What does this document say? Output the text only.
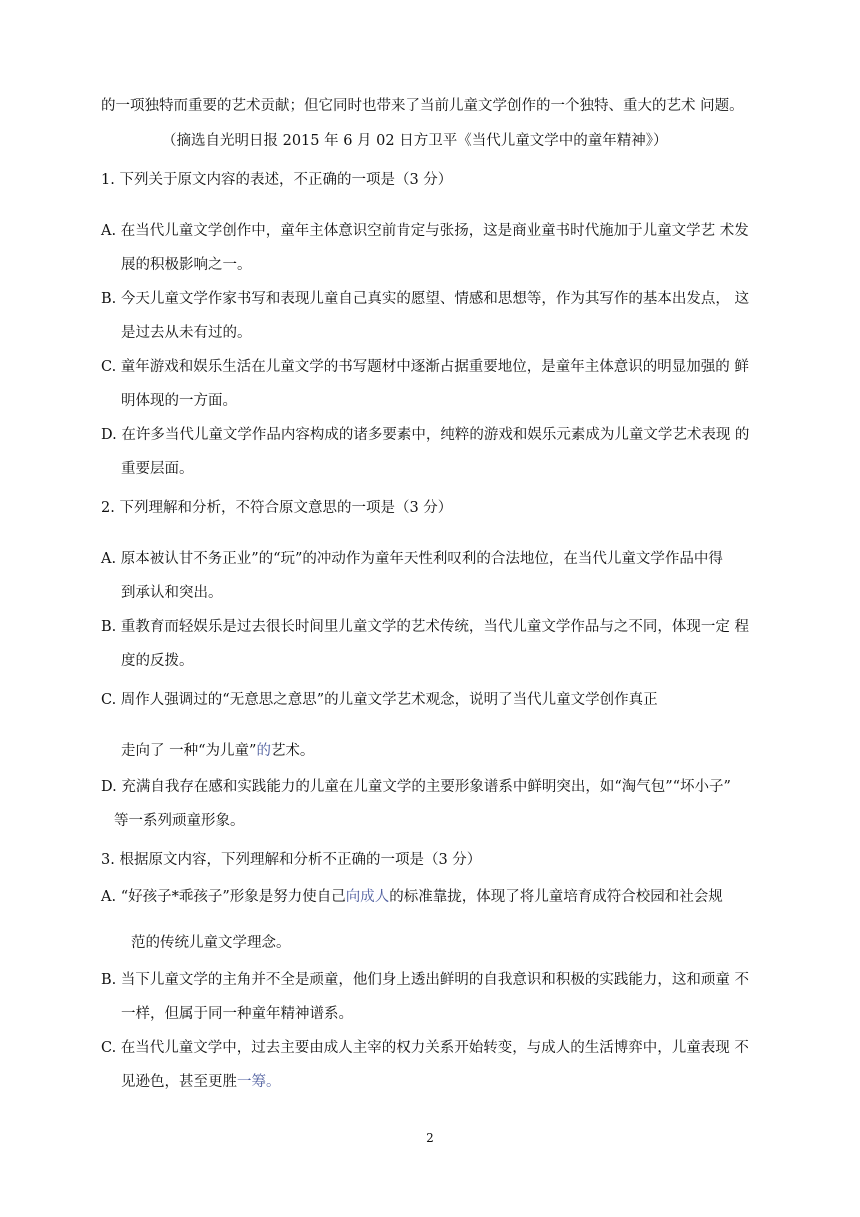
的一项独特而重要的艺术贡献；但它同时也带来了当前儿童文学创作的一个独特、重大的艺术 问题。
（摘选自光明日报 2015 年 6 月 02 日方卫平《当代儿童文学中的童年精神》）
1. 下列关于原文内容的表述，不正确的一项是（3 分）
A. 在当代儿童文学创作中，童年主体意识空前肯定与张扬，这是商业童书时代施加于儿童文学艺 术发
展的积极影响之一。
B. 今天儿童文学作家书写和表现儿童自己真实的愿望、情感和思想等，作为其写作的基本出发点， 这
是过去从未有过的。
C. 童年游戏和娱乐生活在儿童文学的书写题材中逐渐占据重要地位，是童年主体意识的明显加强的 鲜
明体现的一方面。
D. 在许多当代儿童文学作品内容构成的诸多要素中，纯粹的游戏和娱乐元素成为儿童文学艺术表现 的
重要层面。
2. 下列理解和分析，不符合原文意思的一项是（3 分）
A. 原本被认甘不务正业”的“玩”的冲动作为童年天性利叹利的合法地位，在当代儿童文学作品中得
到承认和突出。
B. 重教育而轻娱乐是过去很长时间里儿童文学的艺术传统，当代儿童文学作品与之不同，体现一定 程
度的反拨。
C. 周作人强调过的“无意思之意思”的儿童文学艺术观念，说明了当代儿童文学创作真正
走向了 一种“为儿童”的艺术。
D. 充满自我存在感和实践能力的儿童在儿童文学的主要形象谱系中鲜明突出，如“淘气包”“坏小子”
等一系列顽童形象。
3. 根据原文内容，下列理解和分析不正确的一项是（3 分）
A. “好孩子*乖孩子”形象是努力使自己向成人的标准靠拢，体现了将儿童培育成符合校园和社会规
范的传统儿童文学理念。
B. 当下儿童文学的主角并不全是顽童，他们身上透出鲜明的自我意识和积极的实践能力，这和顽童 不
一样，但属于同一种童年精神谱系。
C. 在当代儿童文学中，过去主要由成人主宰的权力关系开始转变，与成人的生活博弈中，儿童表现 不
见逊色，甚至更胜一筹。
2
